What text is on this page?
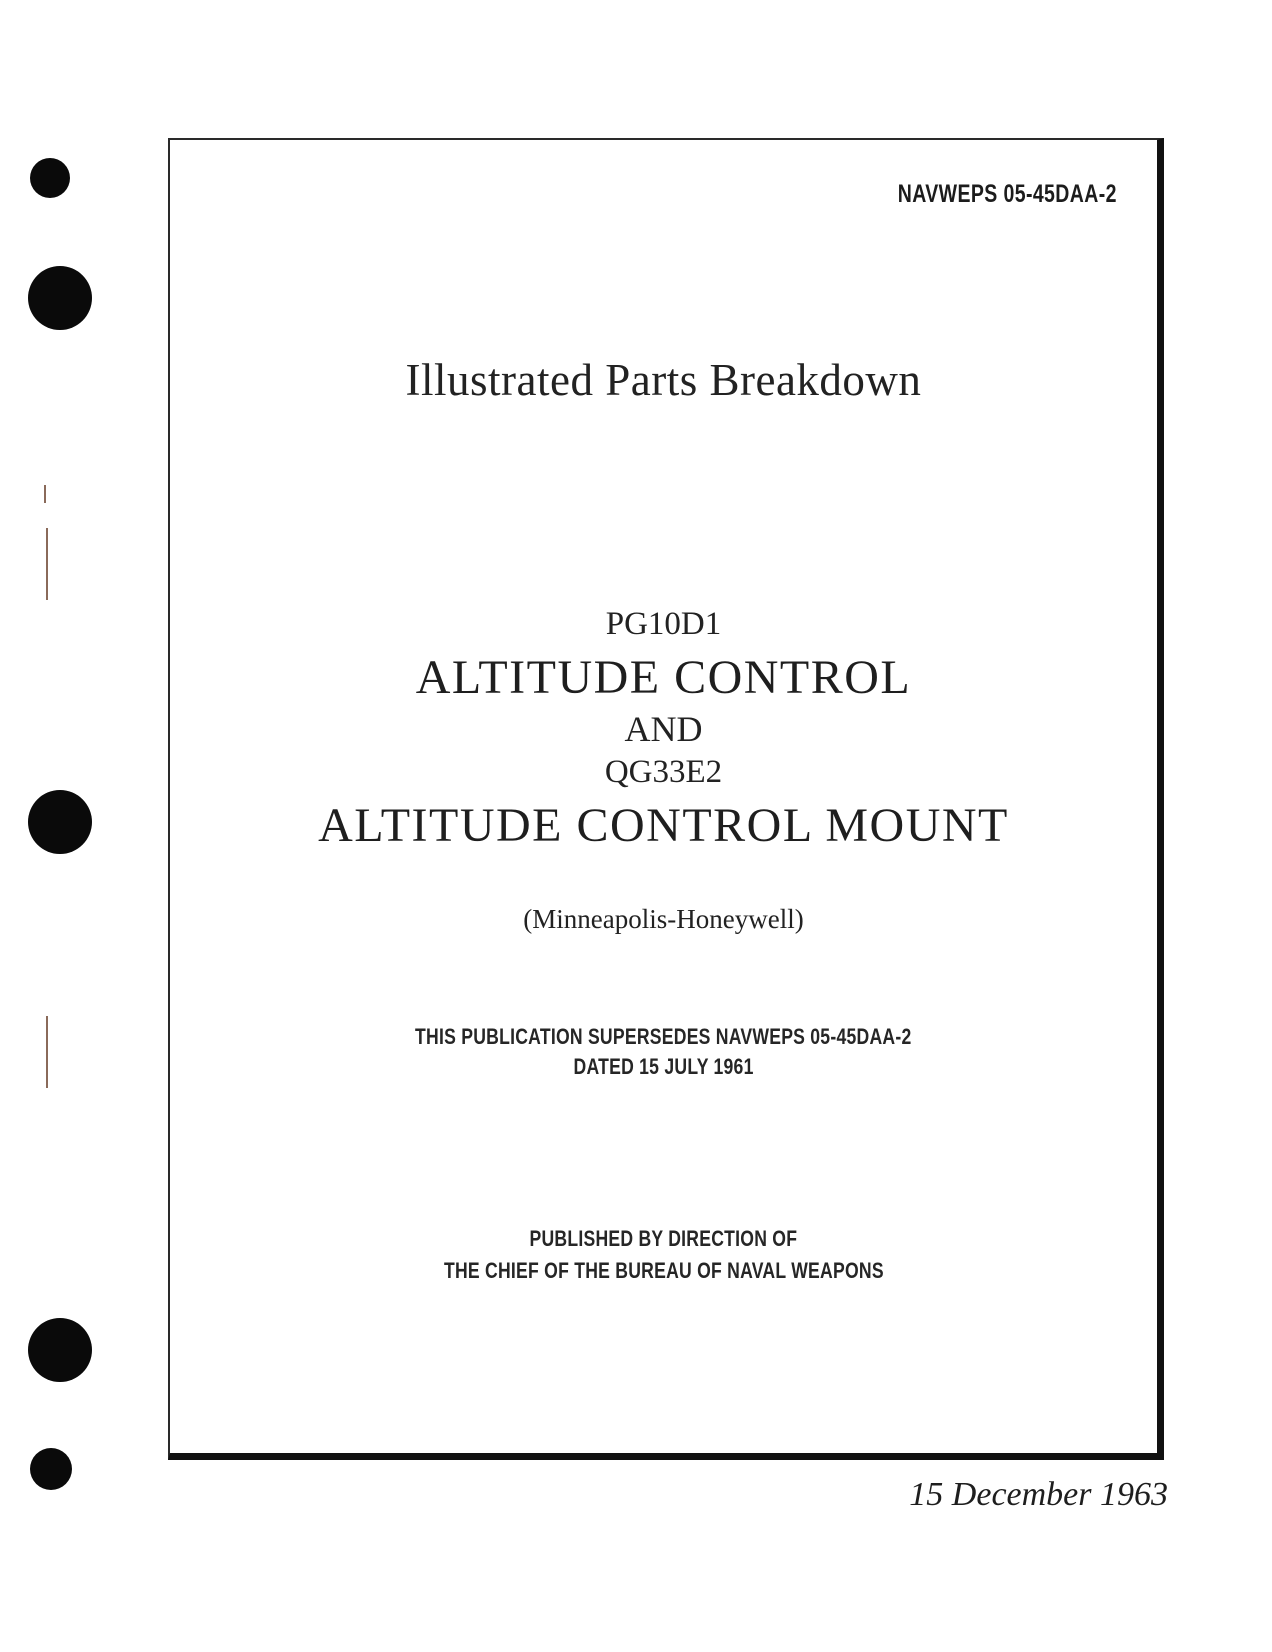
NAVWEPS 05-45DAA-2
Illustrated Parts Breakdown
PG10D1
ALTITUDE CONTROL
AND
QG33E2
ALTITUDE CONTROL MOUNT
(Minneapolis-Honeywell)
THIS PUBLICATION SUPERSEDES NAVWEPS 05-45DAA-2
DATED 15 JULY 1961
PUBLISHED BY DIRECTION OF
THE CHIEF OF THE BUREAU OF NAVAL WEAPONS
15 December 1963
